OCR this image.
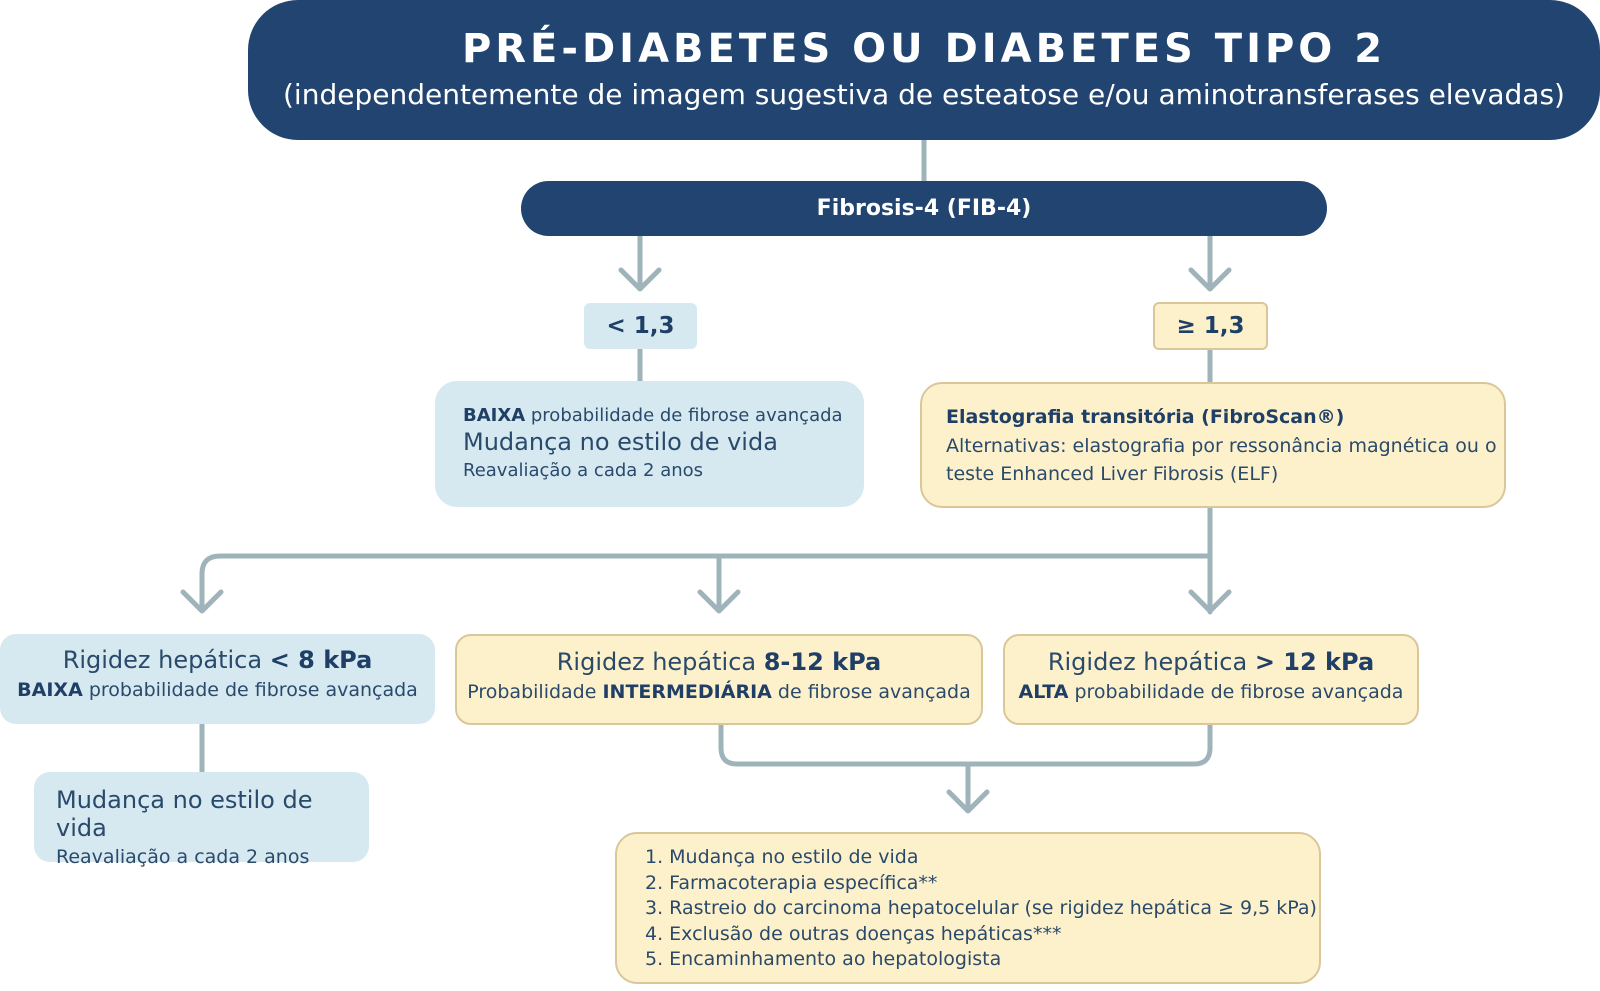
PRÉ-DIABETES OU DIABETES TIPO 2
(independentemente de imagem sugestiva de esteatose e/ou aminotransferases elevadas)
Fibrosis-4 (FIB-4)
< 1,3	≥ 1,3
BAIXA probabilidade de fibrose avançada
Mudança no estilo de vida
Reavaliação a cada 2 anos
Elastografia transitória (FibroScan®)
Alternativas: elastografia por ressonância magnética ou o teste Enhanced Liver Fibrosis (ELF)
Rigidez hepática < 8 kPa
BAIXA probabilidade de fibrose avançada
Rigidez hepática 8-12 kPa
Probabilidade INTERMEDIÁRIA de fibrose avançada
Rigidez hepática > 12 kPa
ALTA probabilidade de fibrose avançada
Mudança no estilo de vida
Reavaliação a cada 2 anos	1. Mudança no estilo de vida
2. Farmacoterapia específica**
3. Rastreio do carcinoma hepatocelular (se rigidez hepática ≥ 9,5 kPa)
4. Exclusão de outras doenças hepáticas***
5. Encaminhamento ao hepatologista
